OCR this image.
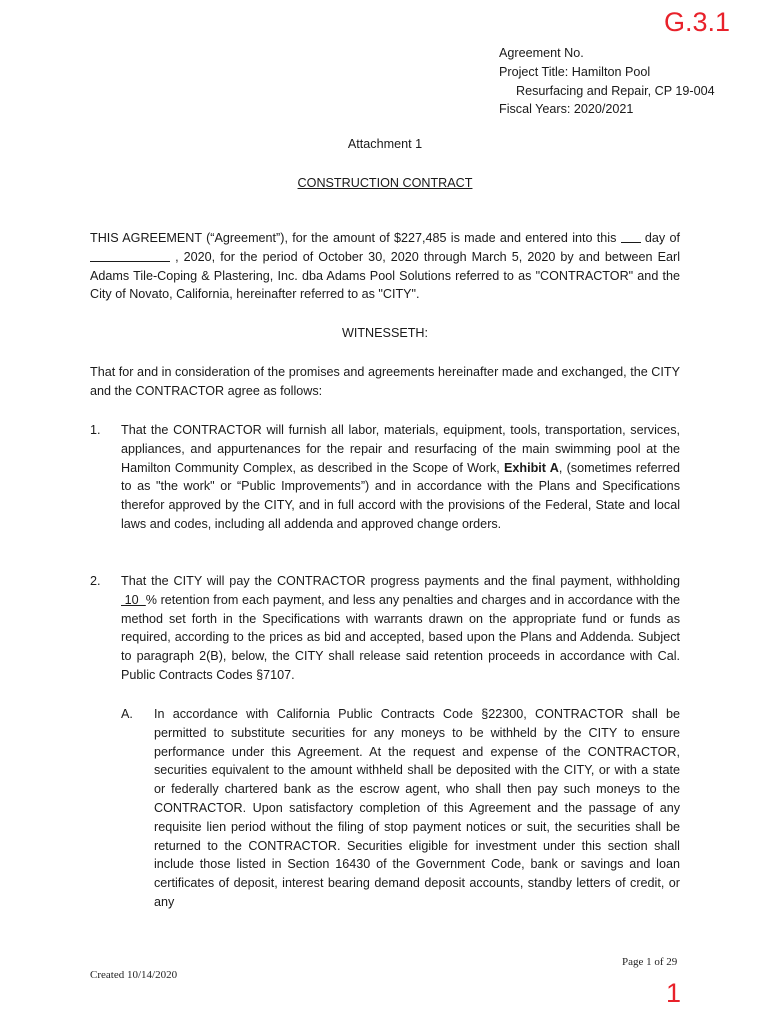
G.3.1
1
Agreement No.
Project Title: Hamilton Pool
Resurfacing and Repair, CP 19-004
Fiscal Years: 2020/2021
Attachment 1
CONSTRUCTION CONTRACT

THIS AGREEMENT (“Agreement”), for the amount of $227,485 is made and entered into this  day of  , 2020, for the period of October 30, 2020 through March 5, 2020 by and between Earl Adams Tile-Coping & Plastering, Inc. dba Adams Pool Solutions referred to as "CONTRACTOR" and the City of Novato, California, hereinafter referred to as "CITY".

WITNESSETH:

That for and in consideration of the promises and agreements hereinafter made and exchanged, the CITY and the CONTRACTOR agree as follows:

1. That the CONTRACTOR will furnish all labor, materials, equipment, tools, transportation, services, appliances, and appurtenances for the repair and resurfacing of the main swimming pool at the Hamilton Community Complex, as described in the Scope of Work, Exhibit A, (sometimes referred to as "the work" or “Public Improvements”) and in accordance with the Plans and Specifications therefor approved by the CITY, and in full accord with the provisions of the Federal, State and local laws and codes, including all addenda and approved change orders.

2. That the CITY will pay the CONTRACTOR progress payments and the final payment, withholding  10  % retention from each payment, and less any penalties and charges and in accordance with the method set forth in the Specifications with warrants drawn on the appropriate fund or funds as required, according to the prices as bid and accepted, based upon the Plans and Addenda. Subject to paragraph 2(B), below, the CITY shall release said retention proceeds in accordance with Cal. Public Contracts Codes §7107.

A. In accordance with California Public Contracts Code §22300, CONTRACTOR shall be permitted to substitute securities for any moneys to be withheld by the CITY to ensure performance under this Agreement. At the request and expense of the CONTRACTOR, securities equivalent to the amount withheld shall be deposited with the CITY, or with a state or federally chartered bank as the escrow agent, who shall then pay such moneys to the CONTRACTOR. Upon satisfactory completion of this Agreement and the passage of any requisite lien period without the filing of stop payment notices or suit, the securities shall be returned to the CONTRACTOR. Securities eligible for investment under this section shall include those listed in Section 16430 of the Government Code, bank or savings and loan certificates of deposit, interest bearing demand deposit accounts, standby letters of credit, or any

Page 1 of 29
Created 10/14/2020
